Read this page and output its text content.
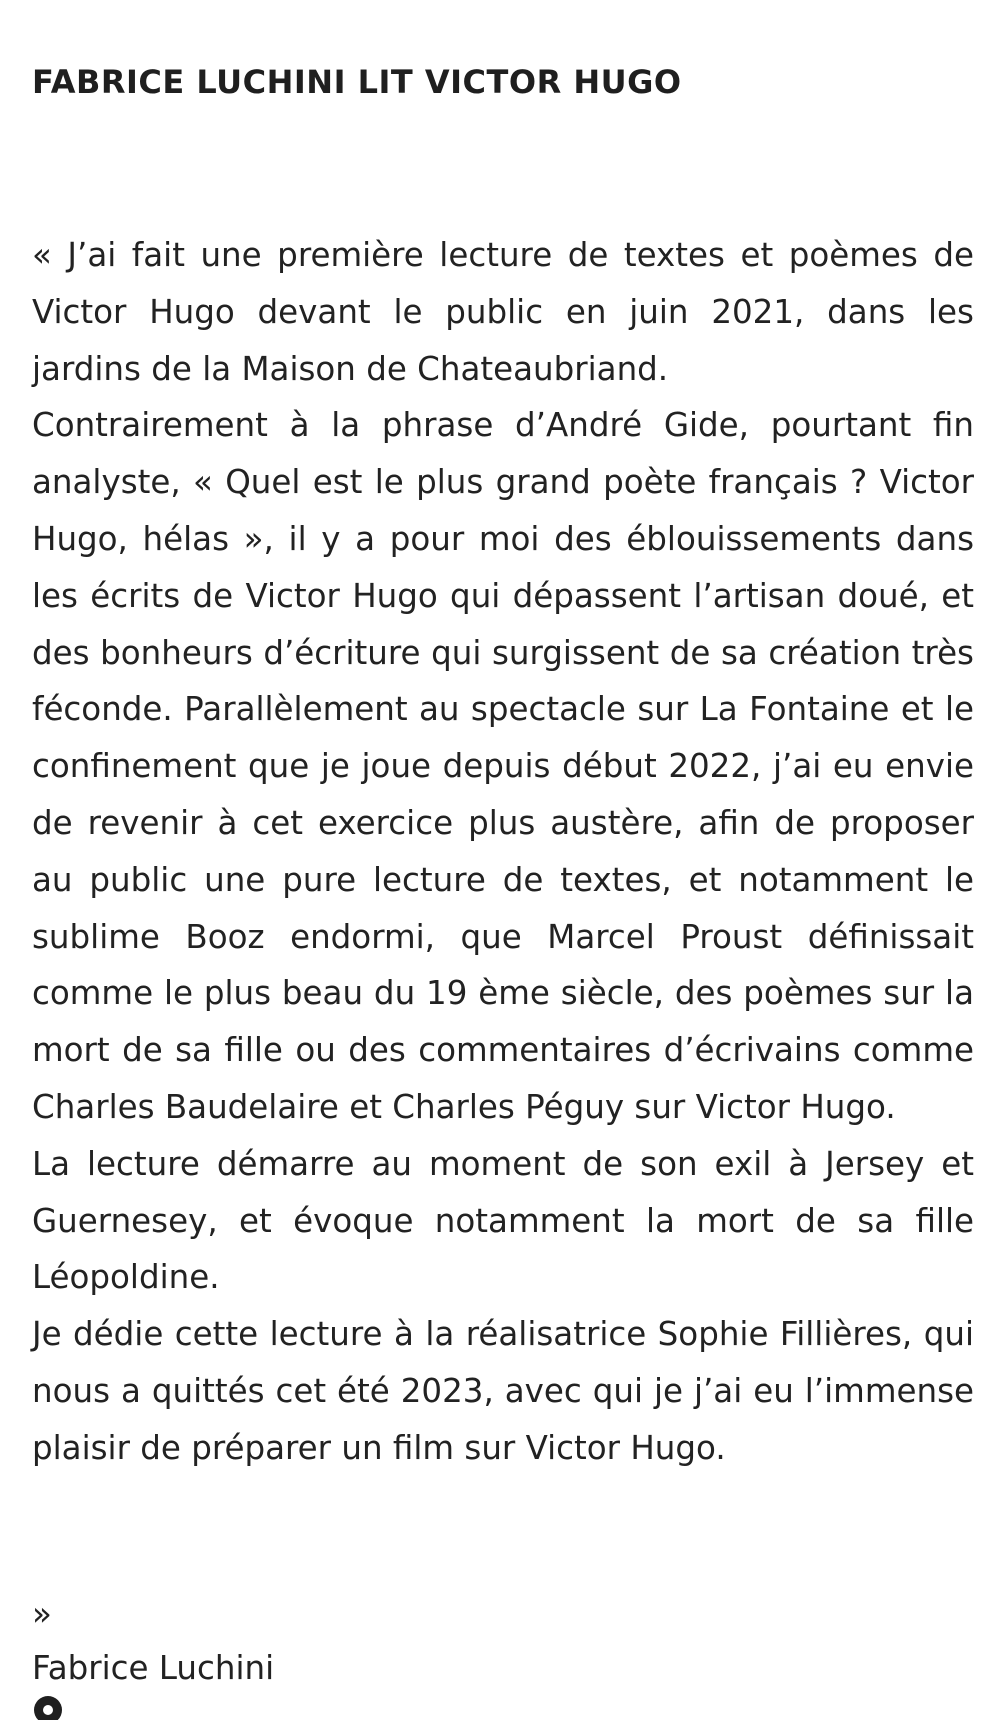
FABRICE LUCHINI LIT VICTOR HUGO

« J’ai fait une première lecture de textes et poèmes de Victor Hugo devant le public en juin 2021, dans les jardins de la Maison de Chateaubriand.

Contrairement à la phrase d’André Gide, pourtant fin analyste, « Quel est le plus grand poète français ? Victor Hugo, hélas », il y a pour moi des éblouissements dans les écrits de Victor Hugo qui dépassent l’artisan doué, et des bonheurs d’écriture qui surgissent de sa création très féconde. Parallèlement au spectacle sur La Fontaine et le confinement que je joue depuis début 2022, j’ai eu envie de revenir à cet exercice plus austère, afin de proposer au public une pure lecture de textes, et notamment le sublime Booz endormi, que Marcel Proust définissait comme le plus beau du 19 ème siècle, des poèmes sur la mort de sa fille ou des commentaires d’écrivains comme Charles Baudelaire et Charles Péguy sur Victor Hugo.

La lecture démarre au moment de son exil à Jersey et Guernesey, et évoque notamment la mort de sa fille Léopoldine.

Je dédie cette lecture à la réalisatrice Sophie Fillières, qui nous a quittés cet été 2023, avec qui je j’ai eu l’immense plaisir de préparer un film sur Victor Hugo.

»
Fabrice Luchini
